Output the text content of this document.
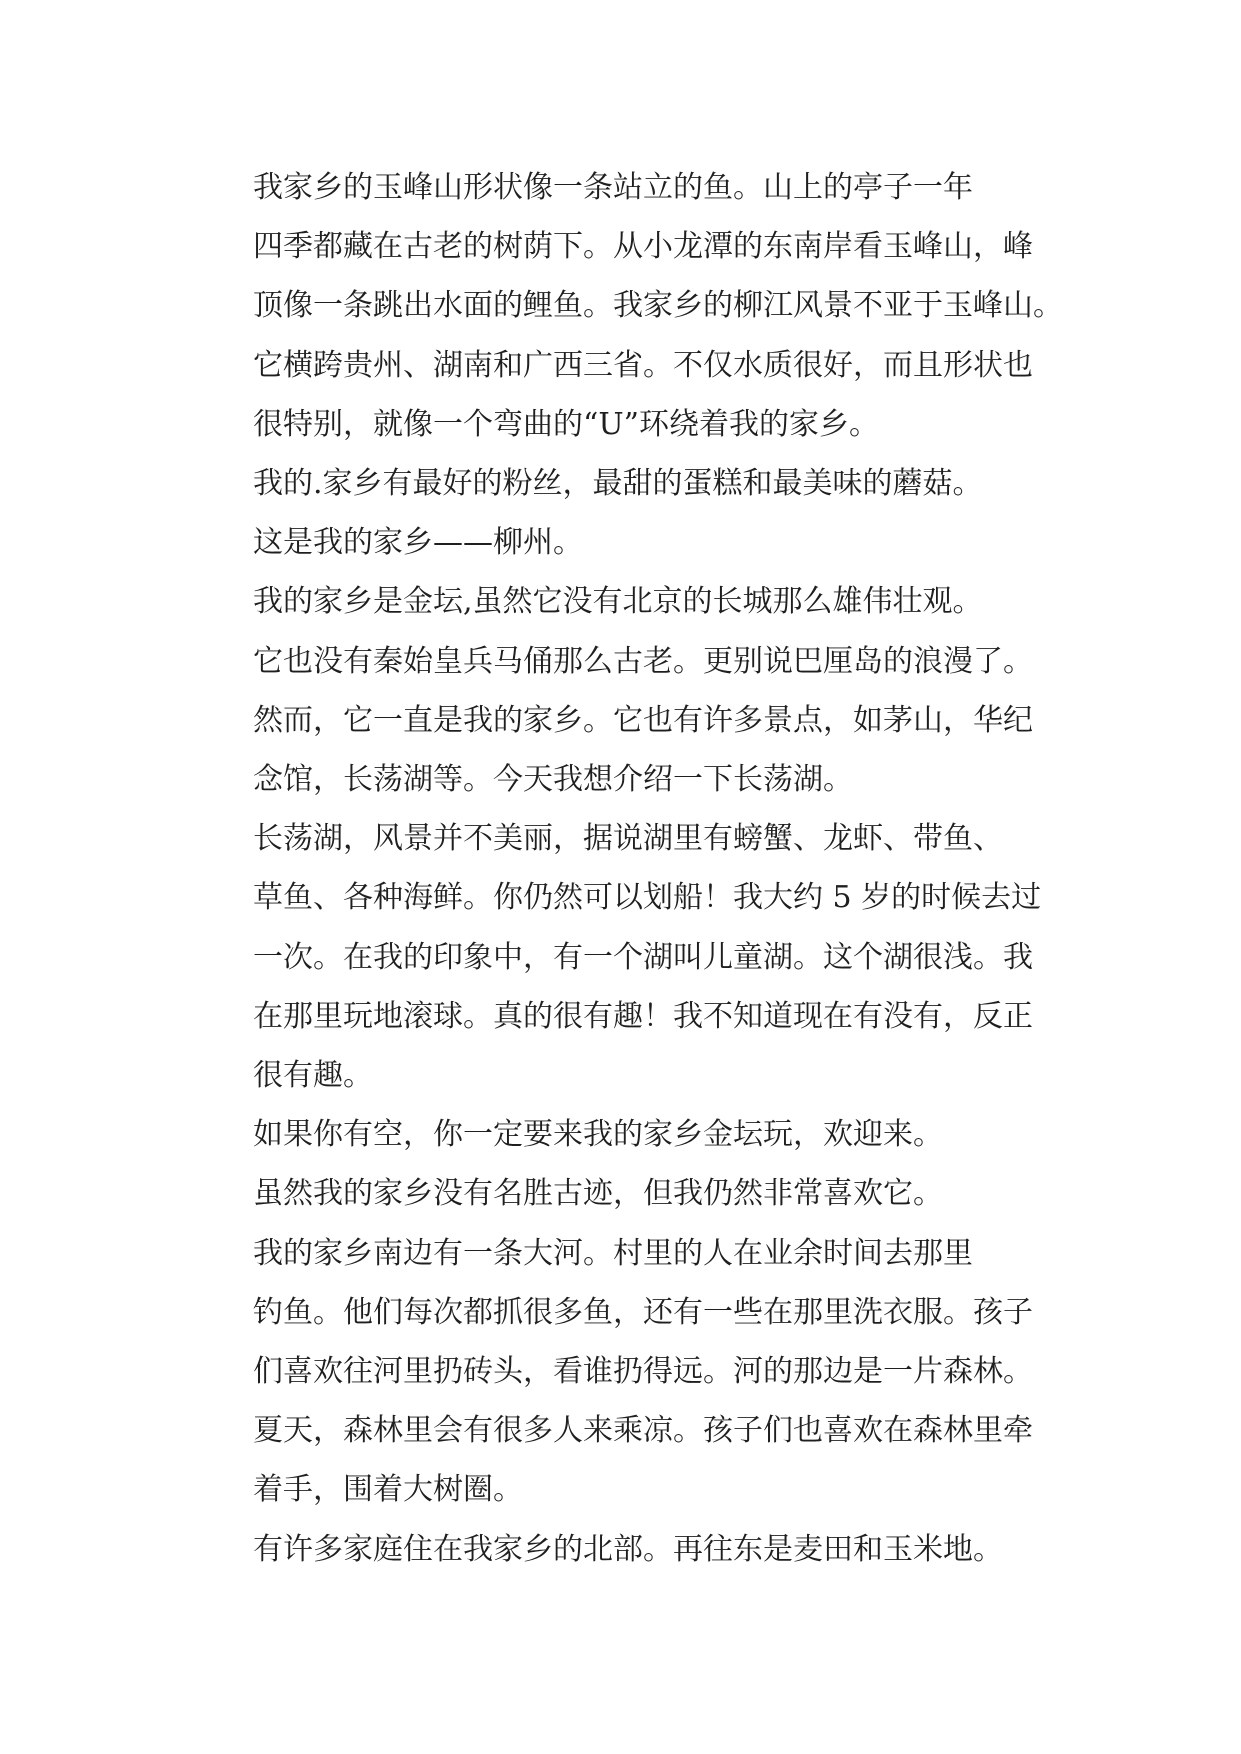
我家乡的玉峰山形状像一条站立的鱼。山上的亭子一年
四季都藏在古老的树荫下。从小龙潭的东南岸看玉峰山，峰
顶像一条跳出水面的鲤鱼。我家乡的柳江风景不亚于玉峰山。
它横跨贵州、湖南和广西三省。不仅水质很好，而且形状也
很特别，就像一个弯曲的“U”环绕着我的家乡。

我的.家乡有最好的粉丝，最甜的蛋糕和最美味的蘑菇。

这是我的家乡——柳州。

我的家乡是金坛,虽然它没有北京的长城那么雄伟壮观。
它也没有秦始皇兵马俑那么古老。更别说巴厘岛的浪漫了。
然而，它一直是我的家乡。它也有许多景点，如茅山，华纪
念馆，长荡湖等。今天我想介绍一下长荡湖。

长荡湖，风景并不美丽，据说湖里有螃蟹、龙虾、带鱼、
草鱼、各种海鲜。你仍然可以划船！我大约 5 岁的时候去过
一次。在我的印象中，有一个湖叫儿童湖。这个湖很浅。我
在那里玩地滚球。真的很有趣！我不知道现在有没有，反正
很有趣。

如果你有空，你一定要来我的家乡金坛玩，欢迎来。

虽然我的家乡没有名胜古迹，但我仍然非常喜欢它。

我的家乡南边有一条大河。村里的人在业余时间去那里
钓鱼。他们每次都抓很多鱼，还有一些在那里洗衣服。孩子
们喜欢往河里扔砖头，看谁扔得远。河的那边是一片森林。
夏天，森林里会有很多人来乘凉。孩子们也喜欢在森林里牵
着手，围着大树圈。

有许多家庭住在我家乡的北部。再往东是麦田和玉米地。
